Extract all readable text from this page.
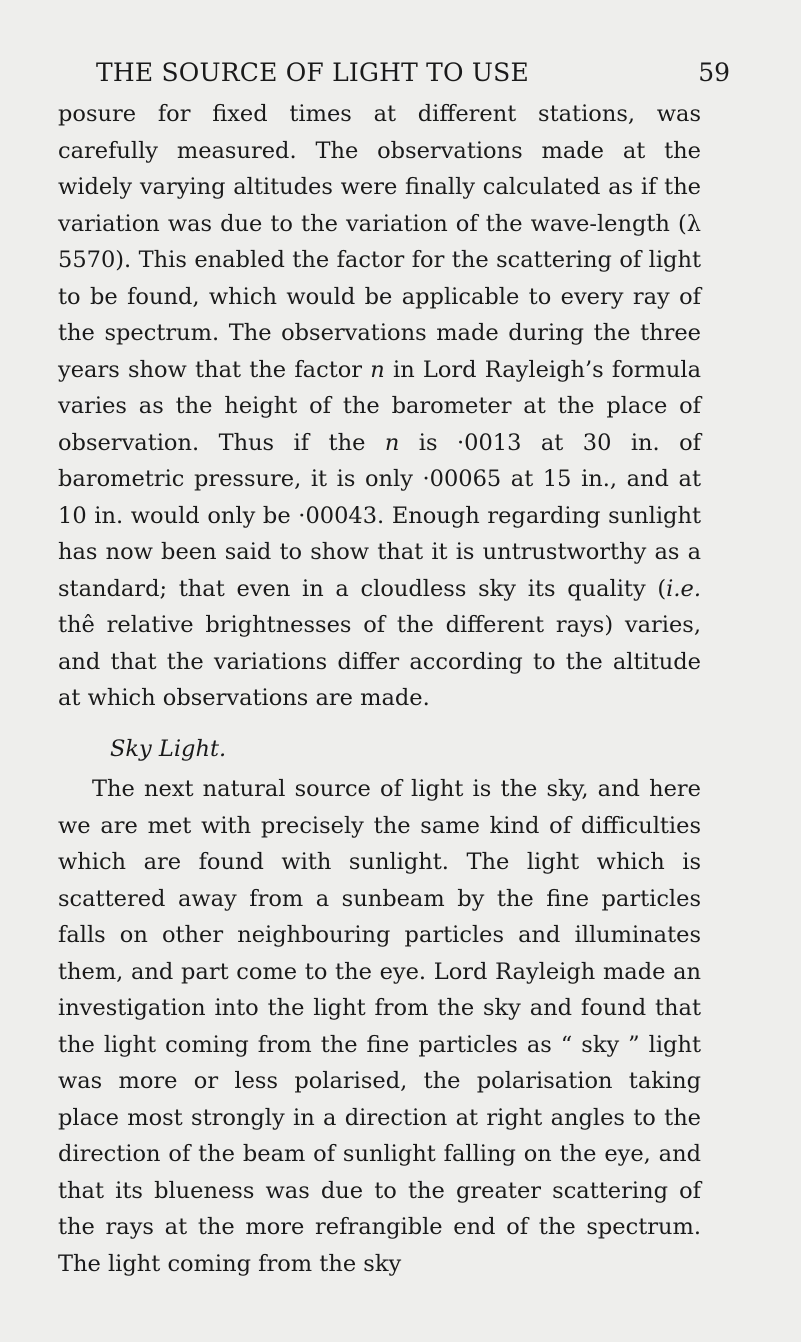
THE SOURCE OF LIGHT TO USE	59

posure for fixed times at different stations, was carefully measured. The observations made at the widely varying altitudes were finally calculated as if the variation was due to the variation of the wave-length (λ 5570). This enabled the factor for the scattering of light to be found, which would be applicable to every ray of the spectrum. The observations made during the three years show that the factor n in Lord Rayleigh’s formula varies as the height of the barometer at the place of observation. Thus if the n is ·0013 at 30 in. of barometric pressure, it is only ·00065 at 15 in., and at 10 in. would only be ·00043. Enough regarding sunlight has now been said to show that it is untrustworthy as a standard; that even in a cloudless sky its quality (i.e. thê relative brightnesses of the different rays) varies, and that the variations differ according to the altitude at which observations are made.

Sky Light.

The next natural source of light is the sky, and here we are met with precisely the same kind of difficulties which are found with sunlight. The light which is scattered away from a sunbeam by the fine particles falls on other neighbouring particles and illuminates them, and part come to the eye. Lord Rayleigh made an investigation into the light from the sky and found that the light coming from the fine particles as “ sky ” light was more or less polarised, the polarisation taking place most strongly in a direction at right angles to the direction of the beam of sunlight falling on the eye, and that its blueness was due to the greater scattering of the rays at the more refrangible end of the spectrum. The light coming from the sky
